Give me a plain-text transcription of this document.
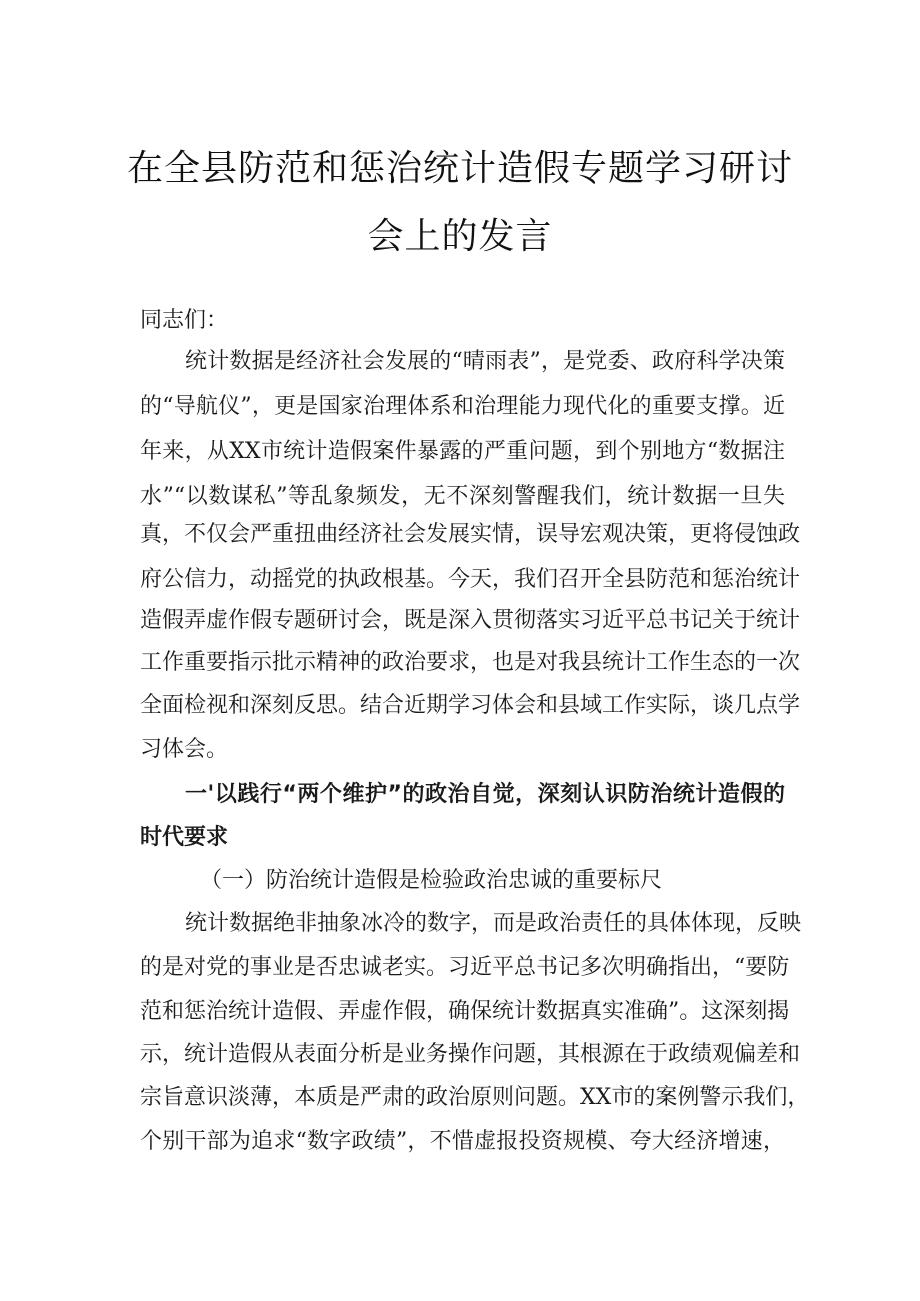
在全县防范和惩治统计造假专题学习研讨
会上的发言
同志们：
统计数据是经济社会发展的“晴雨表”，是党委、政府科学决策
的“导航仪”，更是国家治理体系和治理能力现代化的重要支撑。近
年来，从XX市统计造假案件暴露的严重问题，到个别地方“数据注
水”“以数谋私”等乱象频发，无不深刻警醒我们，统计数据一旦失
真，不仅会严重扭曲经济社会发展实情，误导宏观决策，更将侵蚀政
府公信力，动摇党的执政根基。今天，我们召开全县防范和惩治统计
造假弄虚作假专题研讨会，既是深入贯彻落实习近平总书记关于统计
工作重要指示批示精神的政治要求，也是对我县统计工作生态的一次
全面检视和深刻反思。结合近期学习体会和县域工作实际，谈几点学
习体会。
一'以践行“两个维护”的政治自觉，深刻认识防治统计造假的
时代要求
（一）防治统计造假是检验政治忠诚的重要标尺
统计数据绝非抽象冰冷的数字，而是政治责任的具体体现，反映
的是对党的事业是否忠诚老实。习近平总书记多次明确指出，“要防
范和惩治统计造假、弄虚作假，确保统计数据真实准确”。这深刻揭
示，统计造假从表面分析是业务操作问题，其根源在于政绩观偏差和
宗旨意识淡薄，本质是严肃的政治原则问题。XX市的案例警示我们，
个别干部为追求“数字政绩”，不惜虚报投资规模、夸大经济增速，
